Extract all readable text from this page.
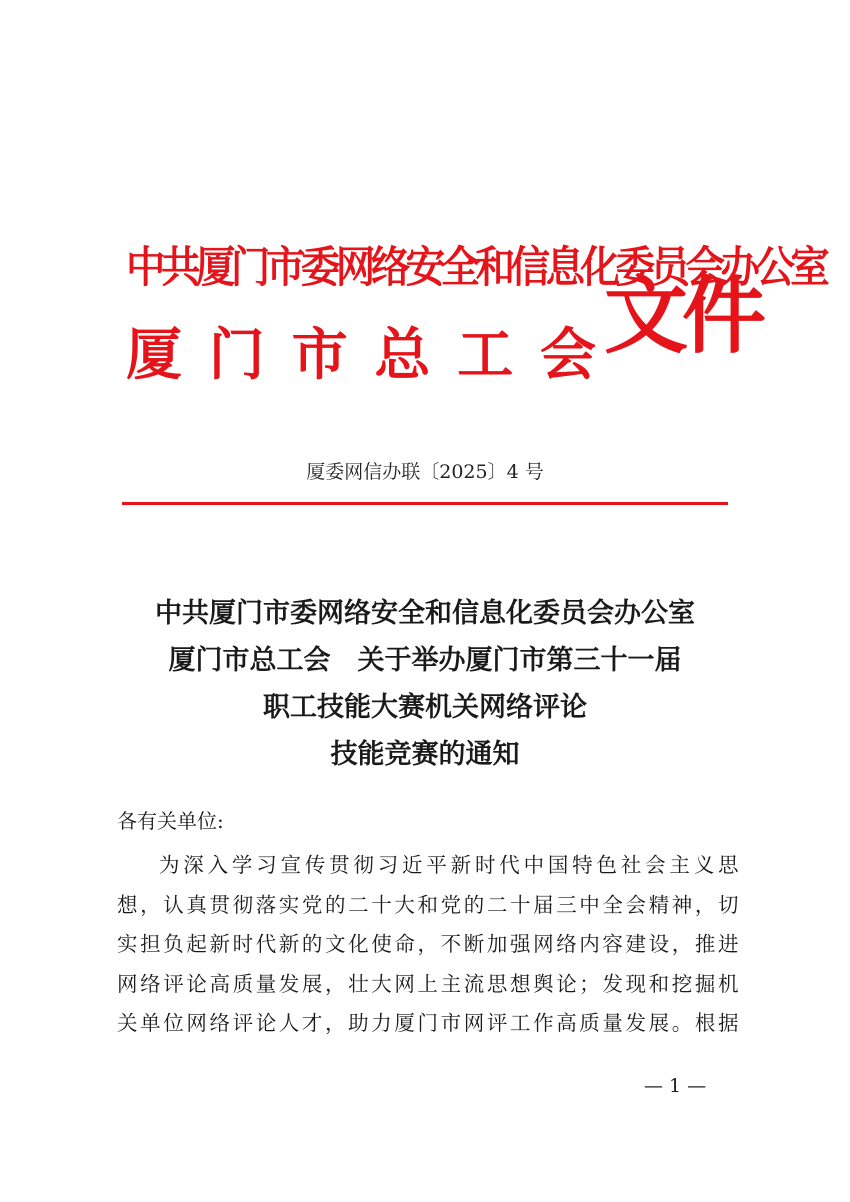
中共厦门市委网络安全和信息化委员会办公室
厦 门 市 总 工 会 文件
厦委网信办联〔2025〕4 号
中共厦门市委网络安全和信息化委员会办公室
厦门市总工会　关于举办厦门市第三十一届
职工技能大赛机关网络评论
技能竞赛的通知
各有关单位:
为深入学习宣传贯彻习近平新时代中国特色社会主义思
想，认真贯彻落实党的二十大和党的二十届三中全会精神，切
实担负起新时代新的文化使命，不断加强网络内容建设，推进
网络评论高质量发展，壮大网上主流思想舆论；发现和挖掘机
关单位网络评论人才，助力厦门市网评工作高质量发展。根据
— 1 —
